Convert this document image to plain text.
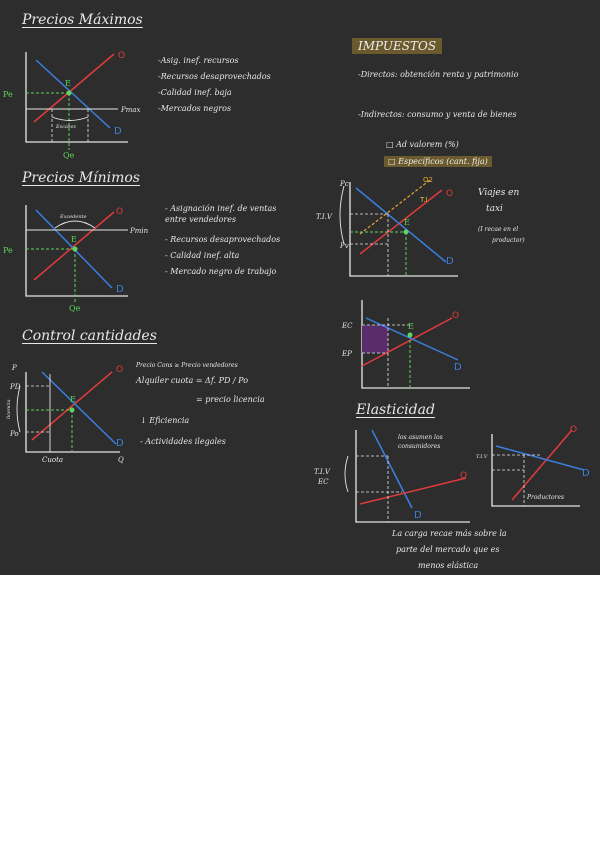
Precios Máximos
-Asig. inef. recursos
-Recursos desaprovechados
-Calidad inef. baja
-Mercados negros
Precios Mínimos
- Asignación inef. de ventas entre vendedores
- Recursos desaprovechados
- Calidad inef. alta
- Mercado negro de trabajo
Control cantidades
Precio Cons ≥ Precio vendedores
Alquiler cuota = Δf. PD / Po
= precio licencia
↓ Eficiencia
- Actividades ilegales
IMPUESTOS
-Directos: obtención renta y patrimonio
-Indirectos: consumo y venta de bienes
□ Ad valorem (%)
□ Específicos (cant. fija)
Viajes en
taxi
(I recae en el
productor)
Elasticidad
los asumen los consumidores
Productores
La carga recae más sobre la
parte del mercado que es
menos elástica
Pe
Qe
E
Pmax
Escasez
O
D
Pe
Qe
E
Pmin
Excedente	O
D
P
PD
Po
E
Cuota	Q
licencia
O
D
Pc
Pv
T.I.V
E
O2
T.I
O
D
EC
EP
E
O
D
T.I.V
EC
O
D
T.I.V
O
D
